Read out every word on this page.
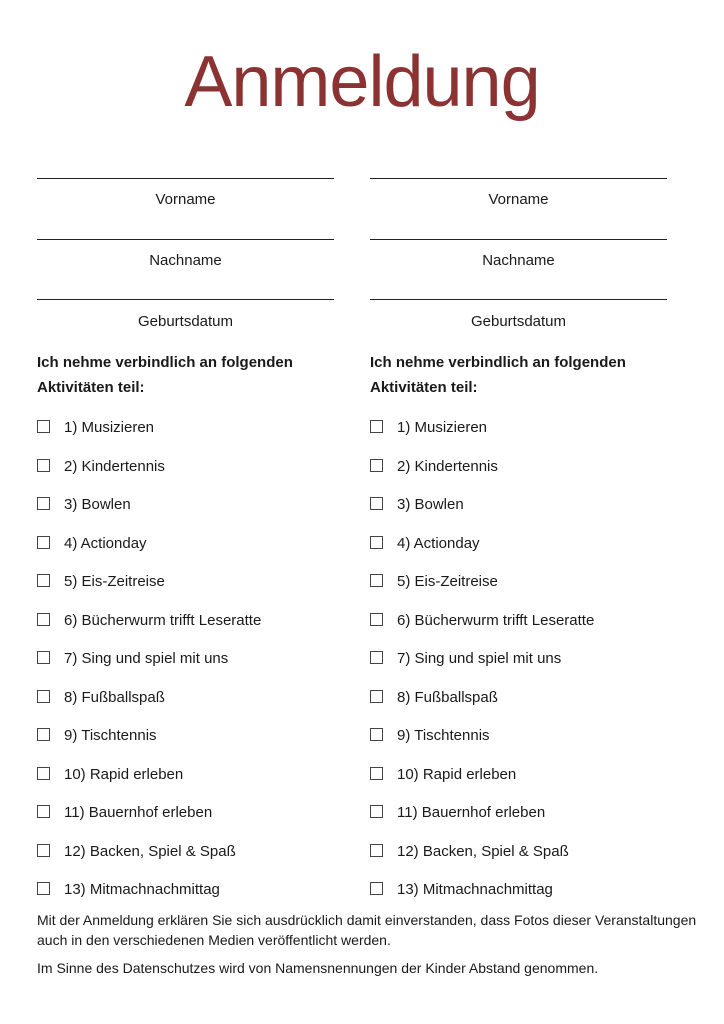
Anmeldung
Vorname
Nachname
Geburtsdatum
Ich nehme verbindlich an folgenden Aktivitäten teil:
1) Musizieren
2) Kindertennis
3) Bowlen
4) Actionday
5) Eis-Zeitreise
6) Bücherwurm trifft Leseratte
7) Sing und spiel mit uns
8) Fußballspaß
9) Tischtennis
10) Rapid erleben
11) Bauernhof erleben
12) Backen, Spiel & Spaß
13) Mitmachnachmittag
Vorname
Nachname
Geburtsdatum
Ich nehme verbindlich an folgenden Aktivitäten teil:
1) Musizieren
2) Kindertennis
3) Bowlen
4) Actionday
5) Eis-Zeitreise
6) Bücherwurm trifft Leseratte
7) Sing und spiel mit uns
8) Fußballspaß
9) Tischtennis
10) Rapid erleben
11) Bauernhof erleben
12) Backen, Spiel & Spaß
13) Mitmachnachmittag
Mit der Anmeldung erklären Sie sich ausdrücklich damit einverstanden, dass Fotos dieser Veranstaltungen auch in den verschiedenen Medien veröffentlicht werden.
Im Sinne des Datenschutzes wird von Namensnennungen der Kinder Abstand genommen.
